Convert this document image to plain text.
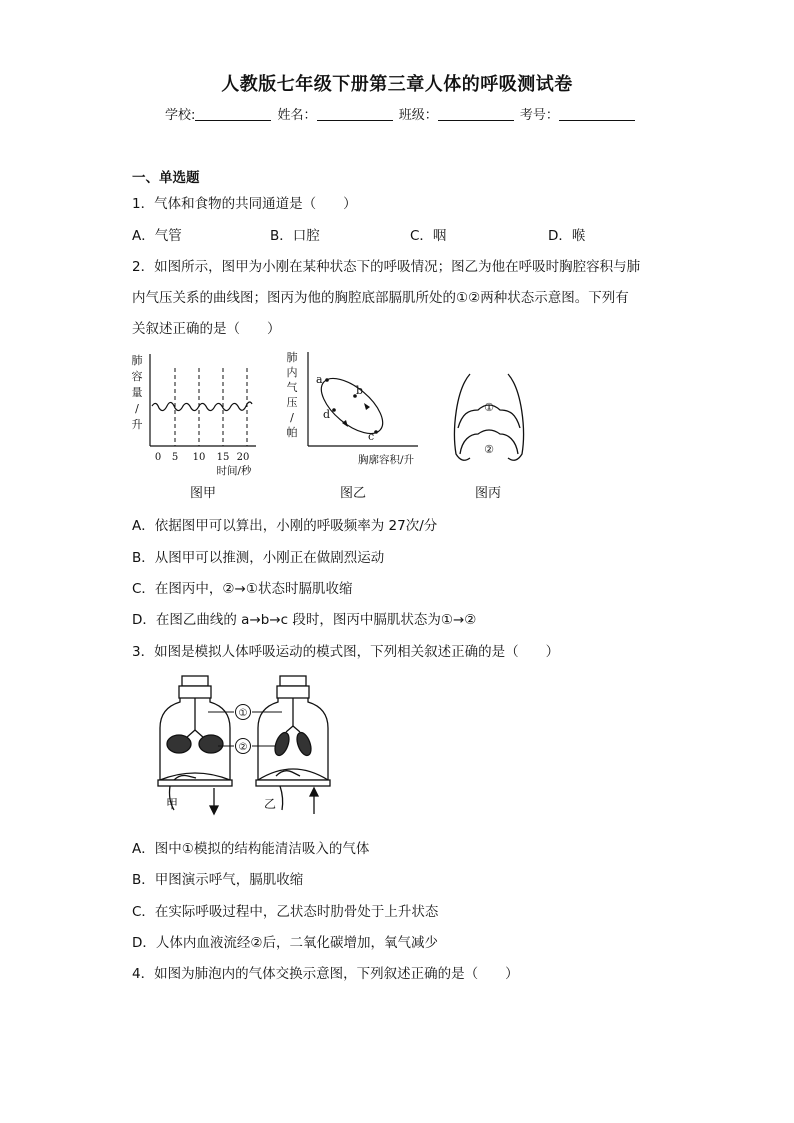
人教版七年级下册第三章人体的呼吸测试卷
学校:	姓名：	班级：	考号：
一、单选题
1．气体和食物的共同通道是（　　）
A．气管	B．口腔	C．咽	D．喉
2．如图所示，图甲为小刚在某种状态下的呼吸情况；图乙为他在呼吸时胸腔容积与肺
内气压关系的曲线图；图丙为他的胸腔底部膈肌所处的①②两种状态示意图。下列有
关叙述正确的是（　　）
肺
容
量
/
升
0 5 10 15 20
时间/秒
图甲
肺
内
气
压
/
帕
a
b
c
d
胸廓容积/升
图乙
①
②
图丙
A．依据图甲可以算出，小刚的呼吸频率为 27次/分
B．从图甲可以推测，小刚正在做剧烈运动
C．在图丙中，②→①状态时膈肌收缩
D．在图乙曲线的 a→b→c 段时，图丙中膈肌状态为①→②
3．如图是模拟人体呼吸运动的模式图，下列相关叙述正确的是（　　）
①
②
甲	乙
A．图中①模拟的结构能清洁吸入的气体
B．甲图演示呼气，膈肌收缩
C．在实际呼吸过程中，乙状态时肋骨处于上升状态
D．人体内血液流经②后，二氧化碳增加，氧气减少
4．如图为肺泡内的气体交换示意图，下列叙述正确的是（　　）
